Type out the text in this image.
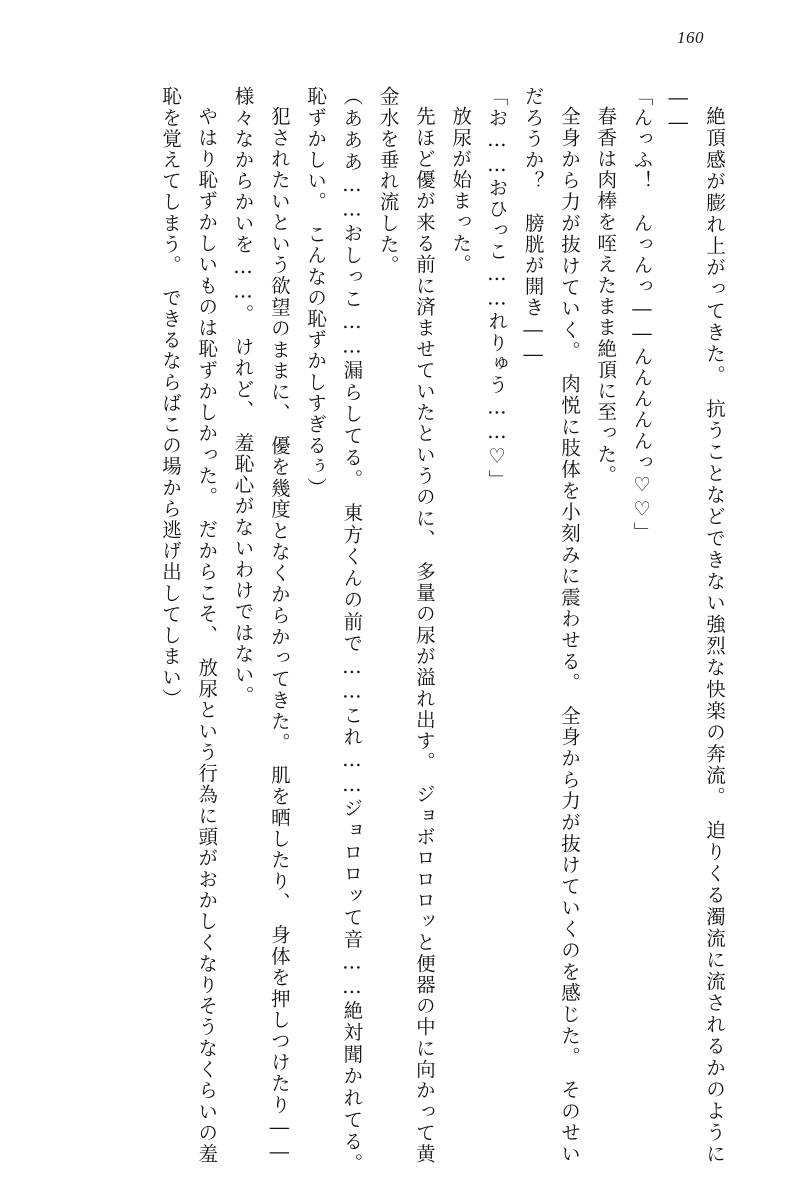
160

絶頂感が膨れ上がってきた。　抗うことなどできない強烈な快楽の奔流。　迫りくる濁流に流されるかのように――

「んっふ！　んっんっ――んんんんんっ♡♡」

春香は肉棒を咥えたまま絶頂に至った。

全身から力が抜けていく。　肉悦に肢体を小刻みに震わせる。　全身から力が抜けていくのを感じた。　そのせいだろうか？　膀胱が開き――

「お……おひっこ……れりゅう……♡」

放尿が始まった。

先ほど優が来る前に済ませていたというのに、　多量の尿が溢れ出す。　ジョボロロロッと便器の中に向かって黄金水を垂れ流した。

（あああ……おしっこ……漏らしてる。　東方くんの前で……これ……ジョロロッて音……絶対聞かれてる。　恥ずかしい。　こんなの恥ずかしすぎるぅ）

犯されたいという欲望のままに、　優を幾度となくからかってきた。　肌を晒したり、　身体を押しつけたり――　様々なからかいを……。　けれど、　羞恥心がないわけではない。

やはり恥ずかしいものは恥ずかしかった。　だからこそ、　放尿という行為に頭がおかしくなりそうなくらいの羞恥を覚えてしまう。　できるならばこの場から逃げ出してしまい）
